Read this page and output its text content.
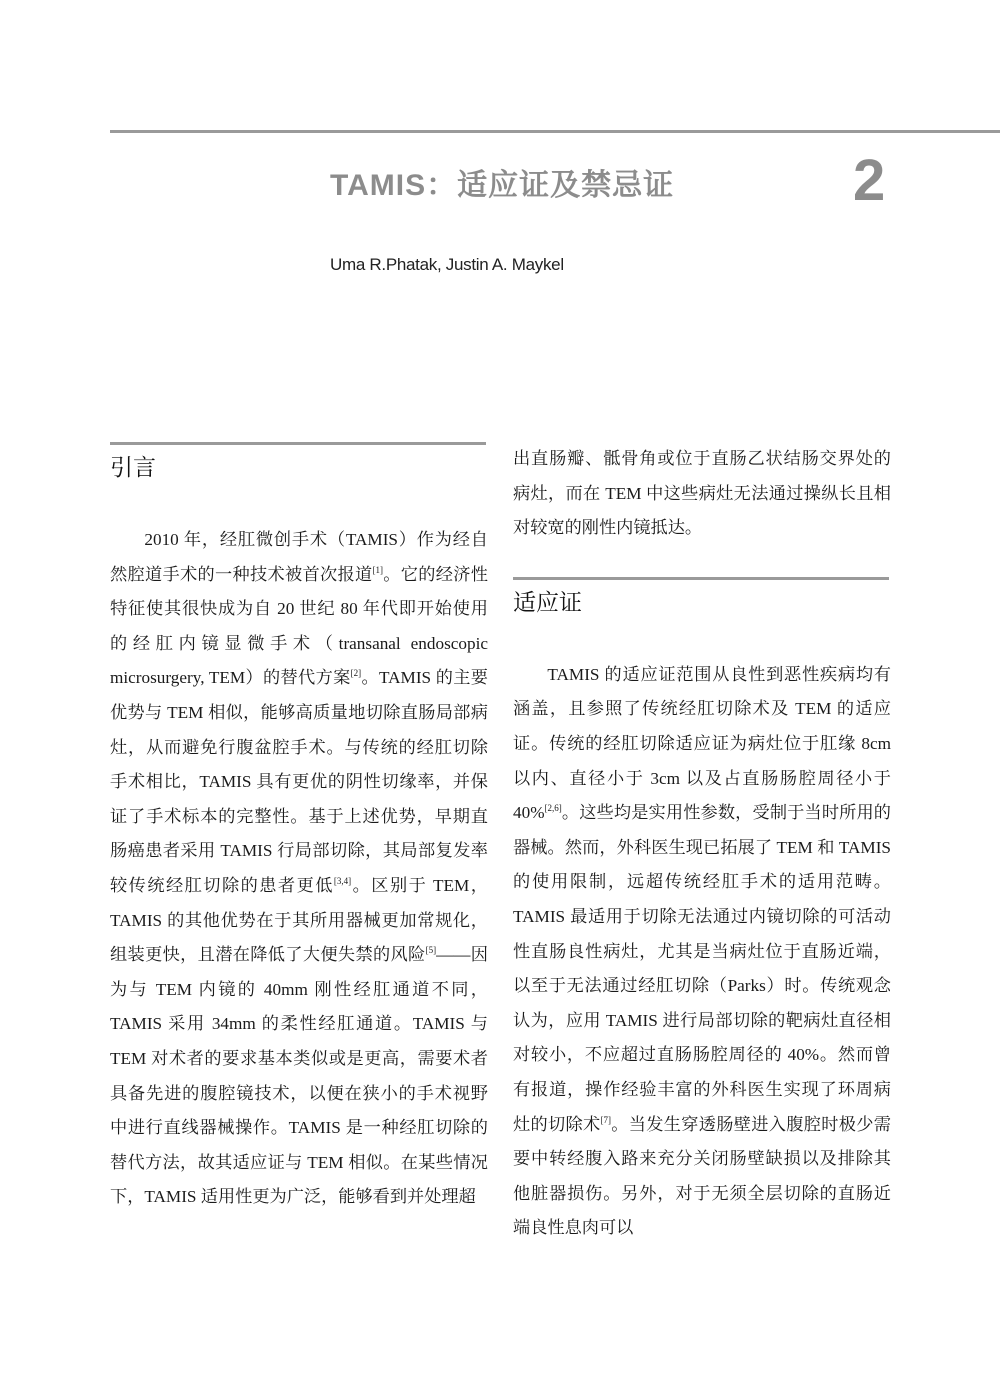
TAMIS：适应证及禁忌证	2
Uma R.Phatak, Justin A. Maykel
引言

2010 年，经肛微创手术（TAMIS）作为经自然腔道手术的一种技术被首次报道[1]。它的经济性特征使其很快成为自 20 世纪 80 年代即开始使用的经肛内镜显微手术（transanal endoscopic microsurgery, TEM）的替代方案[2]。TAMIS 的主要优势与 TEM 相似，能够高质量地切除直肠局部病灶，从而避免行腹盆腔手术。与传统的经肛切除手术相比，TAMIS 具有更优的阴性切缘率，并保证了手术标本的完整性。基于上述优势，早期直肠癌患者采用 TAMIS 行局部切除，其局部复发率较传统经肛切除的患者更低[3,4]。区别于 TEM，TAMIS 的其他优势在于其所用器械更加常规化，组装更快，且潜在降低了大便失禁的风险[5]——因为与 TEM 内镜的 40mm 刚性经肛通道不同，TAMIS 采用 34mm 的柔性经肛通道。TAMIS 与 TEM 对术者的要求基本类似或是更高，需要术者具备先进的腹腔镜技术，以便在狭小的手术视野中进行直线器械操作。TAMIS 是一种经肛切除的替代方法，故其适应证与 TEM 相似。在某些情况下，TAMIS 适用性更为广泛，能够看到并处理超

出直肠瓣、骶骨角或位于直肠乙状结肠交界处的病灶，而在 TEM 中这些病灶无法通过操纵长且相对较宽的刚性内镜抵达。

适应证

TAMIS 的适应证范围从良性到恶性疾病均有涵盖，且参照了传统经肛切除术及 TEM 的适应证。传统的经肛切除适应证为病灶位于肛缘 8cm 以内、直径小于 3cm 以及占直肠肠腔周径小于 40%[2,6]。这些均是实用性参数，受制于当时所用的器械。然而，外科医生现已拓展了 TEM 和 TAMIS 的使用限制，远超传统经肛手术的适用范畴。TAMIS 最适用于切除无法通过内镜切除的可活动性直肠良性病灶，尤其是当病灶位于直肠近端，以至于无法通过经肛切除（Parks）时。传统观念认为，应用 TAMIS 进行局部切除的靶病灶直径相对较小，不应超过直肠肠腔周径的 40%。然而曾有报道，操作经验丰富的外科医生实现了环周病灶的切除术[7]。当发生穿透肠壁进入腹腔时极少需要中转经腹入路来充分关闭肠壁缺损以及排除其他脏器损伤。另外，对于无须全层切除的直肠近端良性息肉可以
